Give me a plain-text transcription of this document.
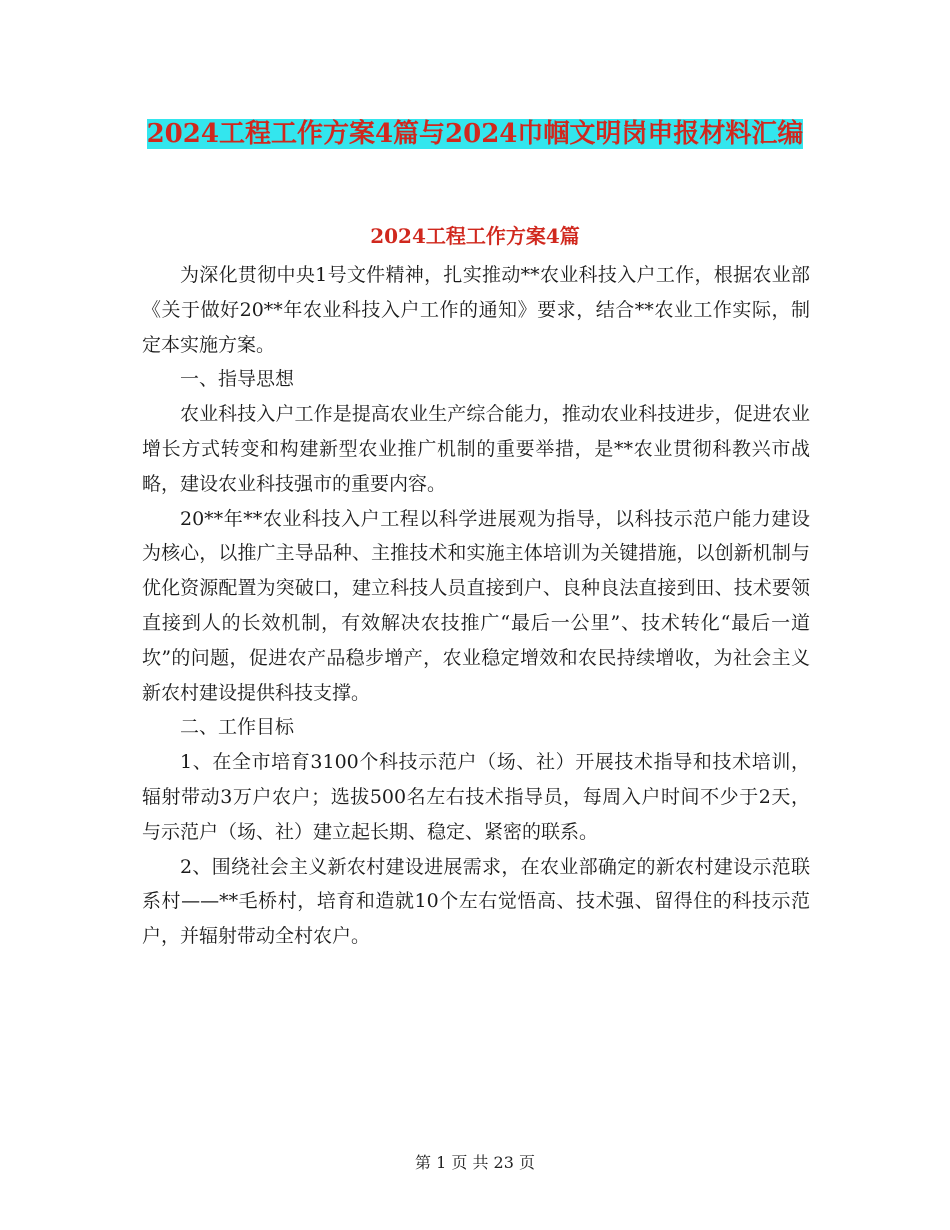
2024工程工作方案4篇与2024巾帼文明岗申报材料汇编
2024工程工作方案4篇

为深化贯彻中央1号文件精神，扎实推动**农业科技入户工作，根据农业部《关于做好20**年农业科技入户工作的通知》要求，结合**农业工作实际，制定本实施方案。

一、指导思想

农业科技入户工作是提高农业生产综合能力，推动农业科技进步，促进农业增长方式转变和构建新型农业推广机制的重要举措，是**农业贯彻科教兴市战略，建设农业科技强市的重要内容。

20**年**农业科技入户工程以科学进展观为指导，以科技示范户能力建设为核心，以推广主导品种、主推技术和实施主体培训为关键措施，以创新机制与优化资源配置为突破口，建立科技人员直接到户、良种良法直接到田、技术要领直接到人的长效机制，有效解决农技推广“最后一公里”、技术转化“最后一道坎”的问题，促进农产品稳步增产，农业稳定增效和农民持续增收，为社会主义新农村建设提供科技支撑。

二、工作目标

1、在全市培育3100个科技示范户（场、社）开展技术指导和技术培训，辐射带动3万户农户；选拔500名左右技术指导员，每周入户时间不少于2天，与示范户（场、社）建立起长期、稳定、紧密的联系。

2、围绕社会主义新农村建设进展需求，在农业部确定的新农村建设示范联系村——**毛桥村，培育和造就10个左右觉悟高、技术强、留得住的科技示范户，并辐射带动全村农户。

第 1 页 共 23 页
